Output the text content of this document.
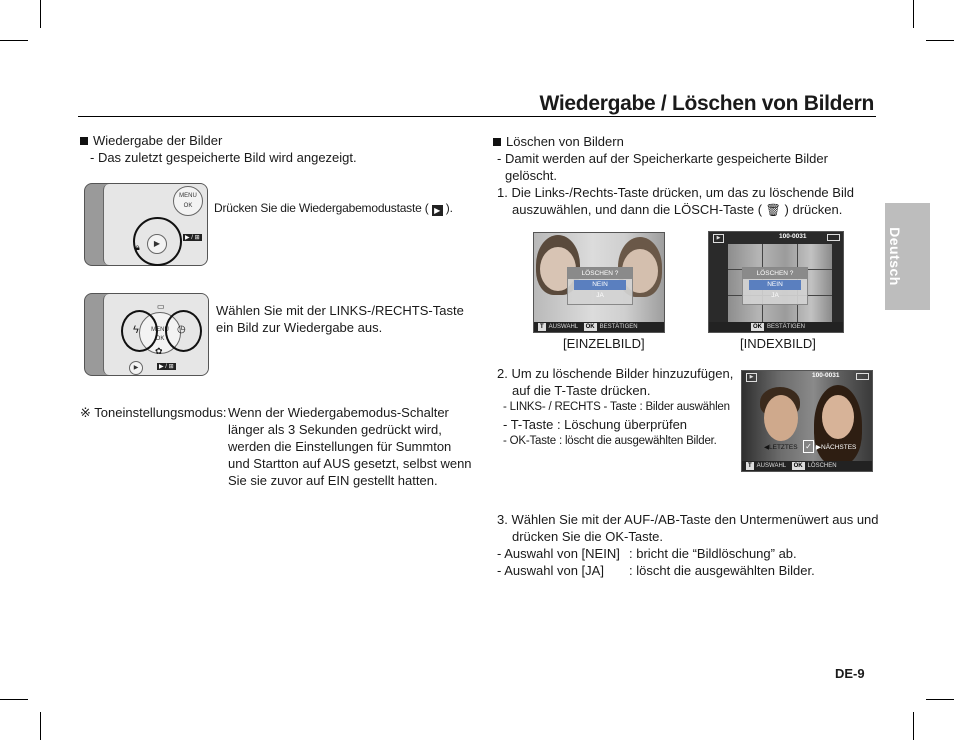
Wiedergabe / Löschen von Bildern
Deutsch
Wiedergabe der Bilder
- Das zuletzt gespeicherte Bild wird angezeigt.
MENU
OK
▶
▶ / ⊞
🔒︎
Drücken Sie die Wiedergabemodustaste ( ▶ ).
MENU
OK
ϟ	◷
✿
▭
▶	▶ / ⊞
Wählen Sie mit der LINKS-/RECHTS-Taste
ein Bild zur Wiedergabe aus.
※ Toneinstellungsmodus: Wenn der Wiedergabemodus-Schalter
länger als 3 Sekunden gedrückt wird,
werden die Einstellungen für Summton
und Startton auf AUS gesetzt, selbst wenn
Sie sie zuvor auf EIN gestellt hatten.
Löschen von Bildern
- Damit werden auf der Speicherkarte gespeicherte Bilder
gelöscht.
1. Die Links-/Rechts-Taste drücken, um das zu löschende Bild
auszuwählen, und dann die LÖSCH-Taste ( 🗑︎ ) drücken.
LÖSCHEN ?
NEIN
JA
T AUSWAHL OK BESTÄTIGEN
▶	100-0031
LÖSCHEN ?
NEIN
JA
OK BESTÄTIGEN
[EINZELBILD]	[INDEXBILD]
2. Um zu löschende Bilder hinzuzufügen,
auf die T-Taste drücken.
- LINKS- / RECHTS - Taste : Bilder auswählen
- T-Taste : Löschung überprüfen
- OK-Taste : löscht die ausgewählten Bilder.
▶	100-0031
◀LETZTES ✓ ▶NÄCHSTES
T AUSWAHL OK LÖSCHEN
3. Wählen Sie mit der AUF-/AB-Taste den Untermenüwert aus und
drücken Sie die OK-Taste.
- Auswahl von [NEIN] : bricht die “Bildlöschung” ab.
- Auswahl von [JA] : löscht die ausgewählten Bilder.
DE-9
